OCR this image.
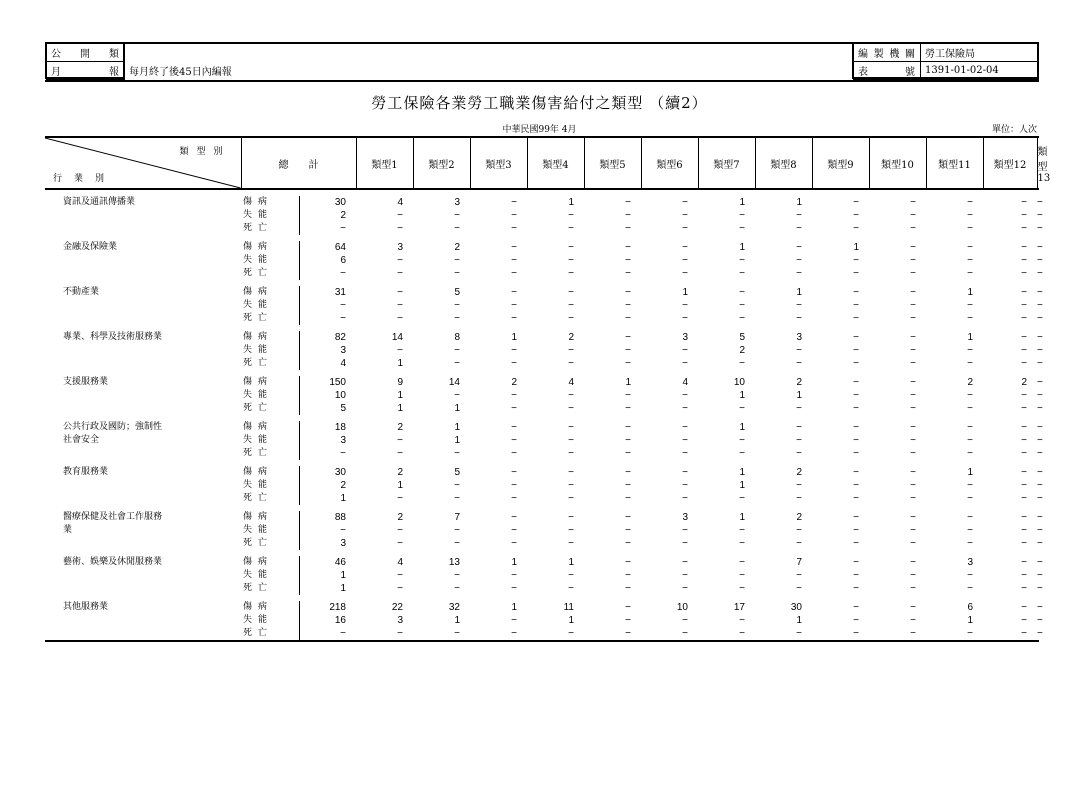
公開類	
月報	每月終了後45日內編報
編製機關	勞工保險局
表號	1391-01-02-04
勞工保險各業勞工職業傷害給付之類型 （續2）
中華民國99年 4月	單位：人次
類型別
行業別	總　　計		類型1	類型2	類型3	類型4	類型5	類型6	類型7	類型8	類型9	類型10	類型11	類型12	類型13

資訊及通訊傳播業	傷病	30	4	3	−	1	−	−	1	1	−	−	−	−	−
	失能	2	−	−	−	−	−	−	−	−	−	−	−	−	−
	死亡	−	−	−	−	−	−	−	−	−	−	−	−	−	−

金融及保險業	傷病	64	3	2	−	−	−	−	1	−	1	−	−	−	−
	失能	6	−	−	−	−	−	−	−	−	−	−	−	−	−
	死亡	−	−	−	−	−	−	−	−	−	−	−	−	−	−

不動產業	傷病	31	−	5	−	−	−	1	−	1	−	−	1	−	−
	失能	−	−	−	−	−	−	−	−	−	−	−	−	−	−
	死亡	−	−	−	−	−	−	−	−	−	−	−	−	−	−

專業、科學及技術服務業	傷病	82	14	8	1	2	−	3	5	3	−	−	1	−	−
	失能	3	−	−	−	−	−	−	2	−	−	−	−	−	−
	死亡	4	1	−	−	−	−	−	−	−	−	−	−	−	−

支援服務業	傷病	150	9	14	2	4	1	4	10	2	−	−	2	2	−
	失能	10	1	−	−	−	−	−	1	1	−	−	−	−	−
	死亡	5	1	1	−	−	−	−	−	−	−	−	−	−	−

公共行政及國防；強制性
社會安全	傷病	18	2	1	−	−	−	−	1	−	−	−	−	−	−
	失能	3	−	1	−	−	−	−	−	−	−	−	−	−	−
	死亡	−	−	−	−	−	−	−	−	−	−	−	−	−	−

教育服務業	傷病	30	2	5	−	−	−	−	1	2	−	−	1	−	−
	失能	2	1	−	−	−	−	−	1	−	−	−	−	−	−
	死亡	1	−	−	−	−	−	−	−	−	−	−	−	−	−

醫療保健及社會工作服務
業	傷病	88	2	7	−	−	−	3	1	2	−	−	−	−	−
	失能	−	−	−	−	−	−	−	−	−	−	−	−	−	−
	死亡	3	−	−	−	−	−	−	−	−	−	−	−	−	−

藝術、娛樂及休閒服務業	傷病	46	4	13	1	1	−	−	−	7	−	−	3	−	−
	失能	1	−	−	−	−	−	−	−	−	−	−	−	−	−
	死亡	1	−	−	−	−	−	−	−	−	−	−	−	−	−

其他服務業	傷病	218	22	32	1	11	−	10	17	30	−	−	6	−	−
	失能	16	3	1	−	1	−	−	−	1	−	−	1	−	−
	死亡	−	−	−	−	−	−	−	−	−	−	−	−	−	−
